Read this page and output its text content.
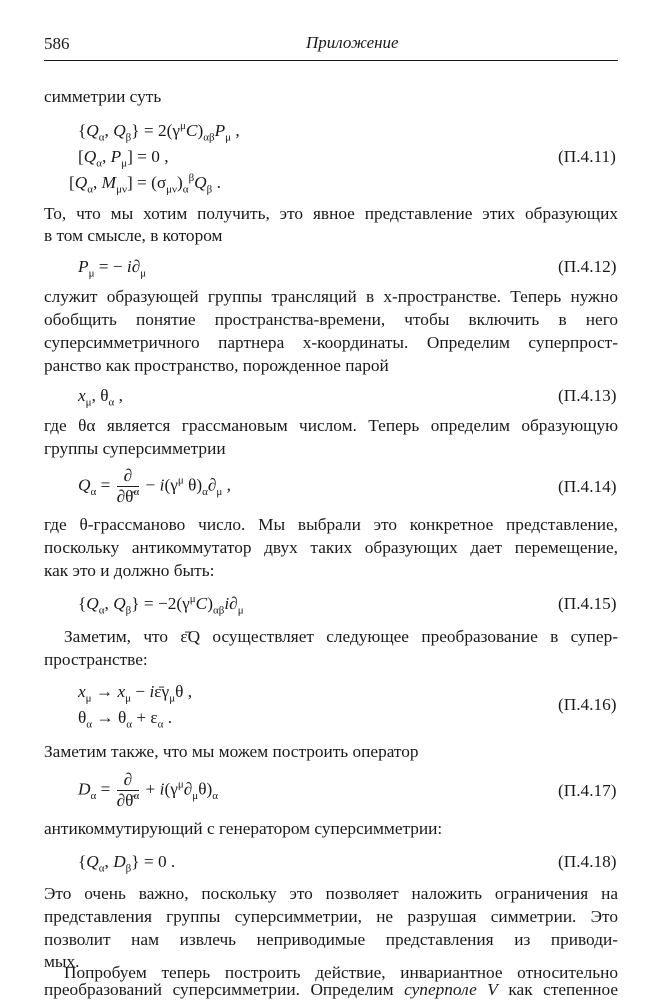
586	Приложение
симметрии суть
{$Q_\alpha$, $Q_\beta\} = 2(\gamma^\mu C)_{\alpha\beta}P_\mu$ ,
[$Q_\alpha$, $P_\mu] = 0$ ,
[$Q_\alpha$, $M_{\mu\nu}] = (\sigma_{\mu\nu})_\alpha^\beta Q_\beta$ .
(П.4.11)
То, что мы хотим получить, это явное представление этих образующих
в том смысле, в котором
$P_\mu$ = − $i\partial_\mu$	(П.4.12)
служит образующей группы трансляций в x-пространстве. Теперь нужно
обобщить понятие пространства-времени, чтобы включить в него
суперсимметричного партнера x-координаты. Определим суперпрост-
ранство как пространство, порожденное парой
$x_\mu$, $\theta_\alpha$ ,	(П.4.13)
где θα является грассмановым числом. Теперь определим образующую
группы суперсимметрии
$Q_\alpha = \frac{\partial}{\partial\thetā^\alpha} - i(\gamma^\mu$ $\theta)_\alpha\partial_\mu$ ,	(П.4.14)
где θ-грассманово число. Мы выбрали это конкретное представление,
поскольку антикоммутатор двух таких образующих дает перемещение,
как это и должно быть:
{$Q_\alpha$, $Q_\beta\} = -2(\gamma^\mu C)_{\alpha\beta}i\partial_\mu$	(П.4.15)
Заметим, что ε̄Q осуществляет следующее преобразование в супер-
пространстве:
$x_\mu \to x_\mu$ − $i\varepsilon̄\gamma_\mu\theta$ ,
$\theta_\alpha \to \theta_\alpha + \varepsilon_\alpha$ .
(П.4.16)
Заметим также, что мы можем построить оператор
$D_\alpha = \frac{\partial}{\partial\thetā^\alpha} + i(\gamma^\mu\partial_\mu\theta)_\alpha$	(П.4.17)
антикоммутирующий с генератором суперсимметрии:
{$Q_\alpha$, $D_\beta\} = 0$ .	(П.4.18)
Это очень важно, поскольку это позволяет наложить ограничения на
представления группы суперсимметрии, не разрушая симметрии. Это
позволит нам извлечь неприводимые представления из приводи-
мых.
Попробуем теперь построить действие, инвариантное относительно
преобразований суперсимметрии. Определим суперполе V как степенное
